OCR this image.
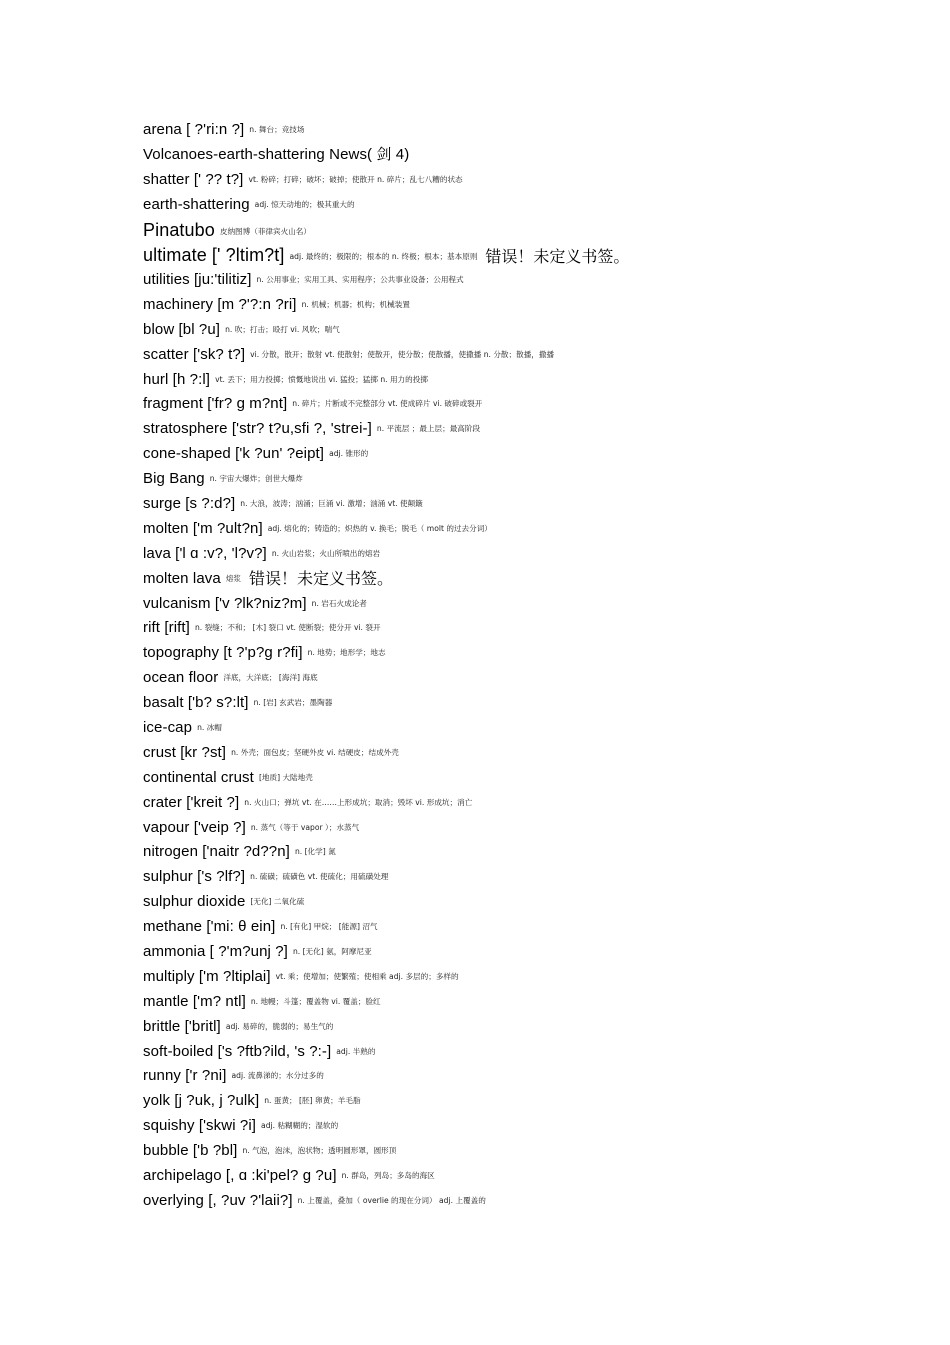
arena [ ?'ri:n ?] n. 舞台；竞技场
Volcanoes-earth-shattering News( 剑 4)
shatter [' ?? t?] vt. 粉碎；打碎；破坏；破掉；使散开 n. 碎片；乱七八糟的状态
earth-shattering adj. 惊天动地的；极其重大的
Pinatubo 皮纳图博（菲律宾火山名）
ultimate [' ?ltim?t] adj. 最终的；极限的；根本的 n. 终极；根本；基本原则 错误！未定义书签。
utilities [ju:'tilitiz] n. 公用事业；实用工具、实用程序；公共事业设备；公用程式
machinery [m ?'?:n ?ri] n. 机械；机器；机构；机械装置
blow [bl ?u] n. 吹；打击；殴打 vi. 风吹；喘气
scatter ['sk? t?] vi. 分散，散开；散射 vt. 使散射；使散开，使分散；使散播，使撒播 n. 分散；散播，撒播
hurl [h ?:l] vt. 丢下；用力投掷；愤慨地说出 vi. 猛投；猛掷 n. 用力的投掷
fragment ['fr? g m?nt] n. 碎片；片断或不完整部分 vt. 使成碎片 vi. 破碎或裂开
stratosphere ['str? t?u,sfi ?, 'strei-] n. 平流层 ；最上层；最高阶段
cone-shaped ['k ?un' ?eipt] adj. 锥形的
Big Bang n. 宇宙大爆炸；创世大爆炸
surge [s ?:d?] n. 大浪，波涛；汹涌；巨涌 vi. 激增；汹涌 vt. 使颠簸
molten ['m ?ult?n] adj. 熔化的；铸造的；炽热的 v. 换毛；脱毛（ molt 的过去分词）
lava ['l ɑ :v?, 'l?v?] n. 火山岩浆；火山所喷出的熔岩
molten lava 熔浆 错误！未定义书签。
vulcanism ['v ?lk?niz?m] n. 岩石火成论者
rift [rift] n. 裂缝；不和； [木] 裂口 vt. 使断裂；使分开 vi. 裂开
topography [t ?'p?ɡ r?fi] n. 地势；地形学；地志
ocean floor 洋底，大洋底； [海洋] 海底
basalt ['b? s?:lt] n. [岩] 玄武岩；墨陶器
ice-cap n. 冰帽
crust [kr ?st] n. 外壳；面包皮；坚硬外皮 vi. 结硬皮；结成外壳
continental crust [地质] 大陆地壳
crater ['kreit ?] n. 火山口；弹坑 vt. 在……上形成坑；取消；毁坏 vi. 形成坑；消亡
vapour ['veip ?] n. 蒸气（等于 vapor ）；水蒸气
nitrogen ['naitr ?d??n] n. [化学] 氮
sulphur ['s ?lf?] n. 硫磺；硫磺色 vt. 使硫化；用硫磺处理
sulphur dioxide [无化] 二氧化硫
methane ['mi: θ ein] n. [有化] 甲烷； [能源] 沼气
ammonia [ ?'m?unj ?] n. [无化] 氨，阿摩尼亚
multiply ['m ?ltiplai] vt. 乘；使增加；使繁殖；使相乘 adj. 多层的；多样的
mantle ['m? ntl] n. 地幔；斗篷；覆盖物 vi. 覆盖；脸红
brittle ['britl] adj. 易碎的，脆弱的；易生气的
soft-boiled ['s ?ftb?ild, 's ?:-] adj. 半熟的
runny ['r ?ni] adj. 流鼻涕的；水分过多的
yolk [j ?uk, j ?ulk] n. 蛋黄； [胚] 卵黄；羊毛脂
squishy ['skwi ?i] adj. 粘糊糊的；湿软的
bubble ['b ?bl] n. 气泡，泡沫，泡状物；透明圆形罩，圆形顶
archipelago [, ɑ :ki'pel? ɡ ?u] n. 群岛，列岛；多岛的海区
overlying [, ?uv ?'laii?] n. 上覆盖，叠加（ overlie 的现在分词） adj. 上覆盖的
